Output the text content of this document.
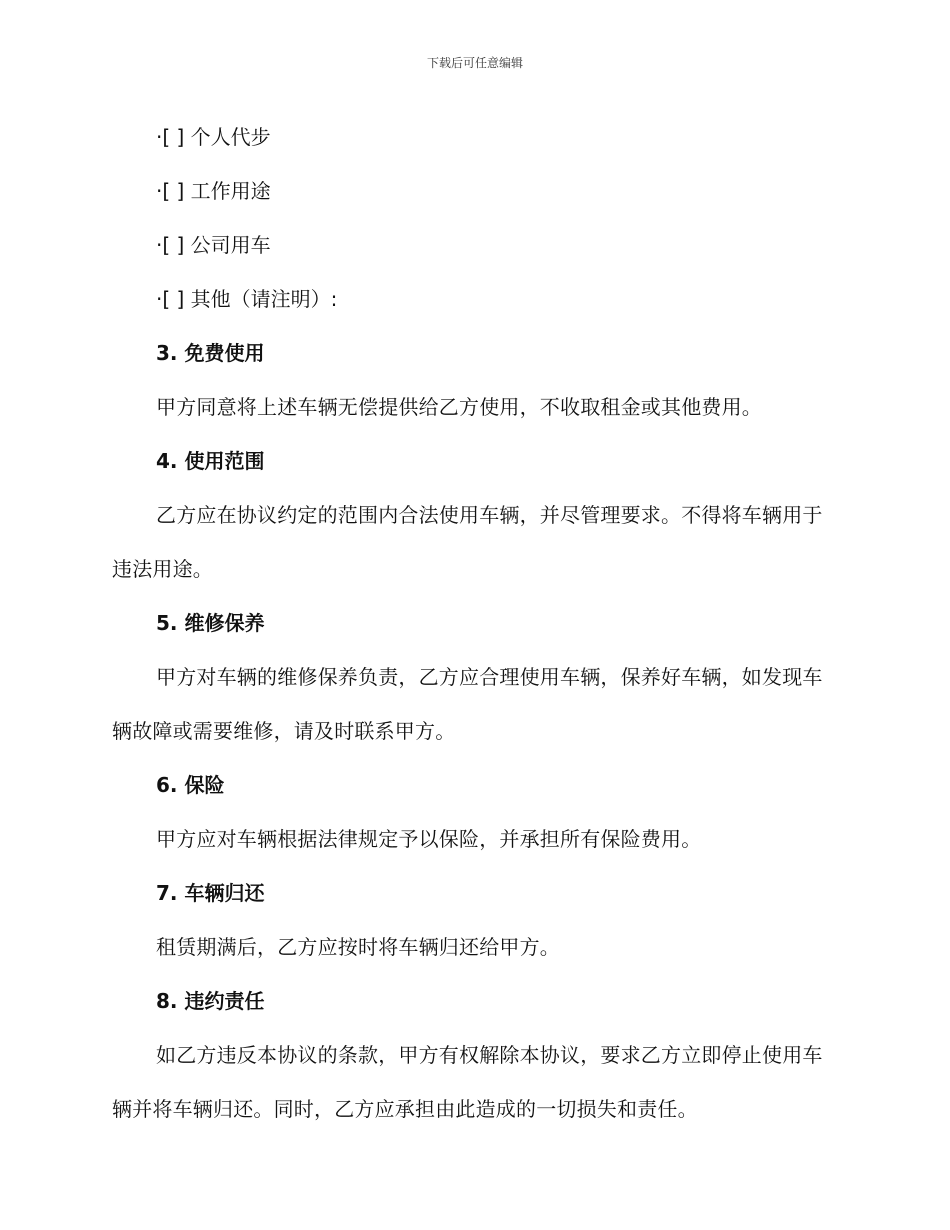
下载后可任意编辑
·[ ] 个人代步
·[ ] 工作用途
·[ ] 公司用车
·[ ] 其他（请注明）:
3. 免费使用
甲方同意将上述车辆无偿提供给乙方使用，不收取租金或其他费用。
4. 使用范围
乙方应在协议约定的范围内合法使用车辆，并尽管理要求。不得将车辆用于违法用途。
5. 维修保养
甲方对车辆的维修保养负责，乙方应合理使用车辆，保养好车辆，如发现车辆故障或需要维修，请及时联系甲方。
6. 保险
甲方应对车辆根据法律规定予以保险，并承担所有保险费用。
7. 车辆归还
租赁期满后，乙方应按时将车辆归还给甲方。
8. 违约责任
如乙方违反本协议的条款，甲方有权解除本协议，要求乙方立即停止使用车辆并将车辆归还。同时，乙方应承担由此造成的一切损失和责任。
